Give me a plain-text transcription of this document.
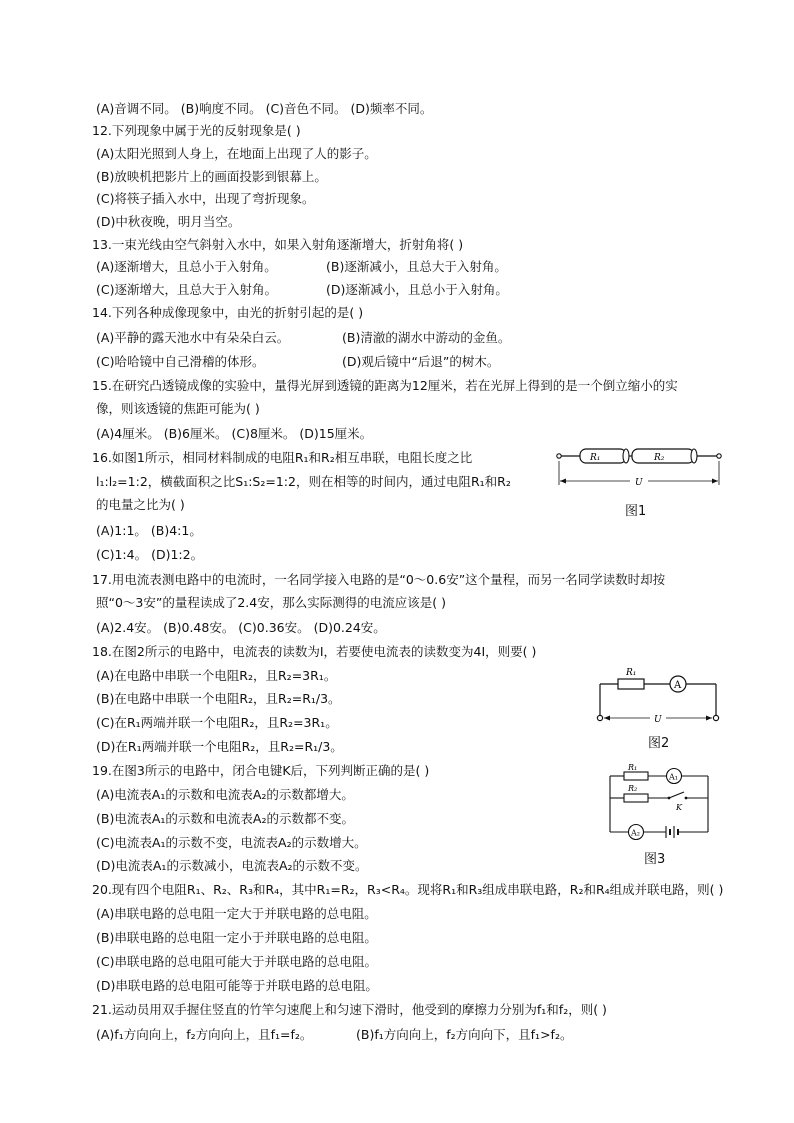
(A)音调不同。 (B)响度不同。 (C)音色不同。 (D)频率不同。
12.下列现象中属于光的反射现象是( )
(A)太阳光照到人身上，在地面上出现了人的影子。
(B)放映机把影片上的画面投影到银幕上。
(C)将筷子插入水中，出现了弯折现象。
(D)中秋夜晚，明月当空。
13.一束光线由空气斜射入水中，如果入射角逐渐增大，折射角将( )
(A)逐渐增大，且总小于入射角。	(B)逐渐减小，且总大于入射角。
(C)逐渐增大，且总大于入射角。	(D)逐渐减小，且总小于入射角。
14.下列各种成像现象中，由光的折射引起的是( )
(A)平静的露天池水中有朵朵白云。	(B)清澈的湖水中游动的金鱼。
(C)哈哈镜中自己滑稽的体形。	(D)观后镜中“后退”的树木。
15.在研究凸透镜成像的实验中，量得光屏到透镜的距离为12厘米，若在光屏上得到的是一个倒立缩小的实
像，则该透镜的焦距可能为( )
(A)4厘米。 (B)6厘米。 (C)8厘米。 (D)15厘米。
16.如图1所示，相同材料制成的电阻R₁和R₂相互串联，电阻长度之比
l₁:l₂=1:2，横截面积之比S₁:S₂=1:2，则在相等的时间内，通过电阻R₁和R₂
的电量之比为( )
(A)1:1。 (B)4:1。
(C)1:4。 (D)1:2。
R₁	R₂
U
图1
17.用电流表测电路中的电流时，一名同学接入电路的是“0～0.6安”这个量程，而另一名同学读数时却按
照“0～3安”的量程读成了2.4安，那么实际测得的电流应该是( )
(A)2.4安。 (B)0.48安。 (C)0.36安。 (D)0.24安。
18.在图2所示的电路中，电流表的读数为I，若要使电流表的读数变为4I，则要( )
(A)在电路中串联一个电阻R₂，且R₂=3R₁。
(B)在电路中串联一个电阻R₂，且R₂=R₁/3。
(C)在R₁两端并联一个电阻R₂，且R₂=3R₁。
(D)在R₁两端并联一个电阻R₂，且R₂=R₁/3。
R₁
A
U
图2
19.在图3所示的电路中，闭合电键K后，下列判断正确的是( )
(A)电流表A₁的示数和电流表A₂的示数都增大。
(B)电流表A₁的示数和电流表A₂的示数都不变。
(C)电流表A₁的示数不变，电流表A₂的示数增大。
(D)电流表A₁的示数减小，电流表A₂的示数不变。
R₁
A₁
R₂
K
A₂
图3
20.现有四个电阻R₁、R₂、R₃和R₄，其中R₁=R₂，R₃<R₄。现将R₁和R₃组成串联电路，R₂和R₄组成并联电路，则( )
(A)串联电路的总电阻一定大于并联电路的总电阻。
(B)串联电路的总电阻一定小于并联电路的总电阻。
(C)串联电路的总电阻可能大于并联电路的总电阻。
(D)串联电路的总电阻可能等于并联电路的总电阻。
21.运动员用双手握住竖直的竹竿匀速爬上和匀速下滑时，他受到的摩擦力分别为f₁和f₂，则( )
(A)f₁方向向上，f₂方向向上，且f₁=f₂。	(B)f₁方向向上，f₂方向向下，且f₁>f₂。
